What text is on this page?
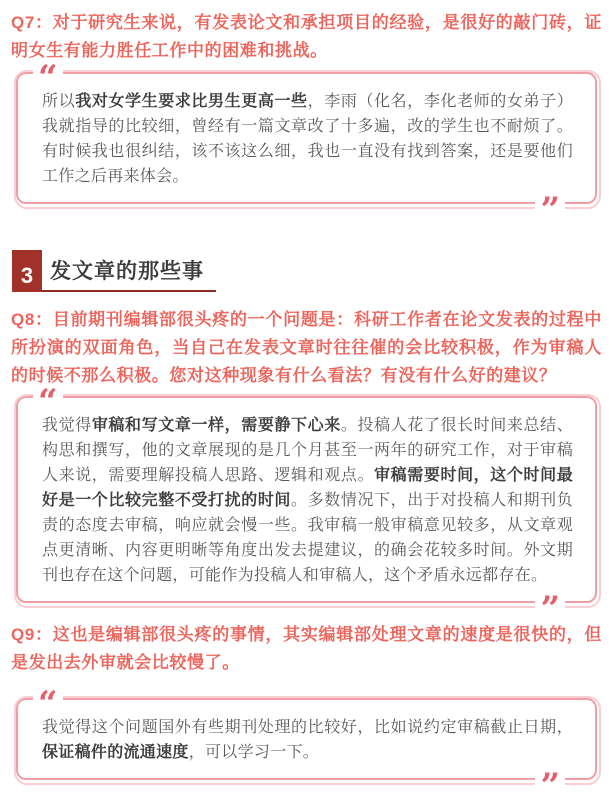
Q7：对于研究生来说，有发表论文和承担项目的经验，是很好的敲门砖，证明女生有能力胜任工作中的困难和挑战。

“

所以我对女学生要求比男生更高一些，李雨（化名，李化老师的女弟子）我就指导的比较细，曾经有一篇文章改了十多遍，改的学生也不耐烦了。有时候我也很纠结，该不该这么细，我也一直没有找到答案，还是要他们工作之后再来体会。

”
3 发文章的那些事

Q8：目前期刊编辑部很头疼的一个问题是：科研工作者在论文发表的过程中所扮演的双面角色，当自己在发表文章时往往催的会比较积极，作为审稿人的时候不那么积极。您对这种现象有什么看法？有没有什么好的建议？

“

我觉得审稿和写文章一样，需要静下心来。投稿人花了很长时间来总结、构思和撰写，他的文章展现的是几个月甚至一两年的研究工作，对于审稿人来说，需要理解投稿人思路、逻辑和观点。审稿需要时间，这个时间最好是一个比较完整不受打扰的时间。多数情况下，出于对投稿人和期刊负责的态度去审稿，响应就会慢一些。我审稿一般审稿意见较多，从文章观点更清晰、内容更明晰等角度出发去提建议，的确会花较多时间。外文期刊也存在这个问题，可能作为投稿人和审稿人，这个矛盾永远都存在。

”

Q9：这也是编辑部很头疼的事情，其实编辑部处理文章的速度是很快的，但是发出去外审就会比较慢了。

“

我觉得这个问题国外有些期刊处理的比较好，比如说约定审稿截止日期，保证稿件的流通速度，可以学习一下。

”
